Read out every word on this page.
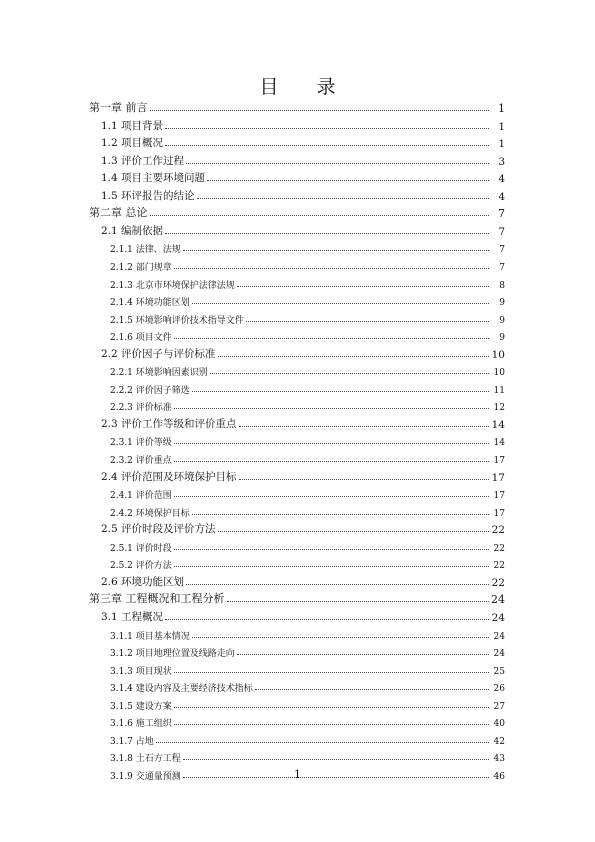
目 录
第一章 前言	1
1.1 项目背景	1
1.2 项目概况	1
1.3 评价工作过程	3
1.4 项目主要环境问题	4
1.5 环评报告的结论	4
第二章 总论	7
2.1 编制依据	7
2.1.1 法律、法规	7
2.1.2 部门规章	7
2.1.3 北京市环境保护法律法规	8
2.1.4 环境功能区划	9
2.1.5 环境影响评价技术指导文件	9
2.1.6 项目文件	9
2.2 评价因子与评价标准	10
2.2.1 环境影响因素识别	10
2.2.2 评价因子筛选	11
2.2.3 评价标准	12
2.3 评价工作等级和评价重点	14
2.3.1 评价等级	14
2.3.2 评价重点	17
2.4 评价范围及环境保护目标	17
2.4.1 评价范围	17
2.4.2 环境保护目标	17
2.5 评价时段及评价方法	22
2.5.1 评价时段	22
2.5.2 评价方法	22
2.6 环境功能区划	22
第三章 工程概况和工程分析	24
3.1 工程概况	24
3.1.1 项目基本情况	24
3.1.2 项目地理位置及线路走向	24
3.1.3 项目现状	25
3.1.4 建设内容及主要经济技术指标	26
3.1.5 建设方案	27
3.1.6 施工组织	40
3.1.7 占地	42
3.1.8 土石方工程	43
3.1.9 交通量预测	46
1
